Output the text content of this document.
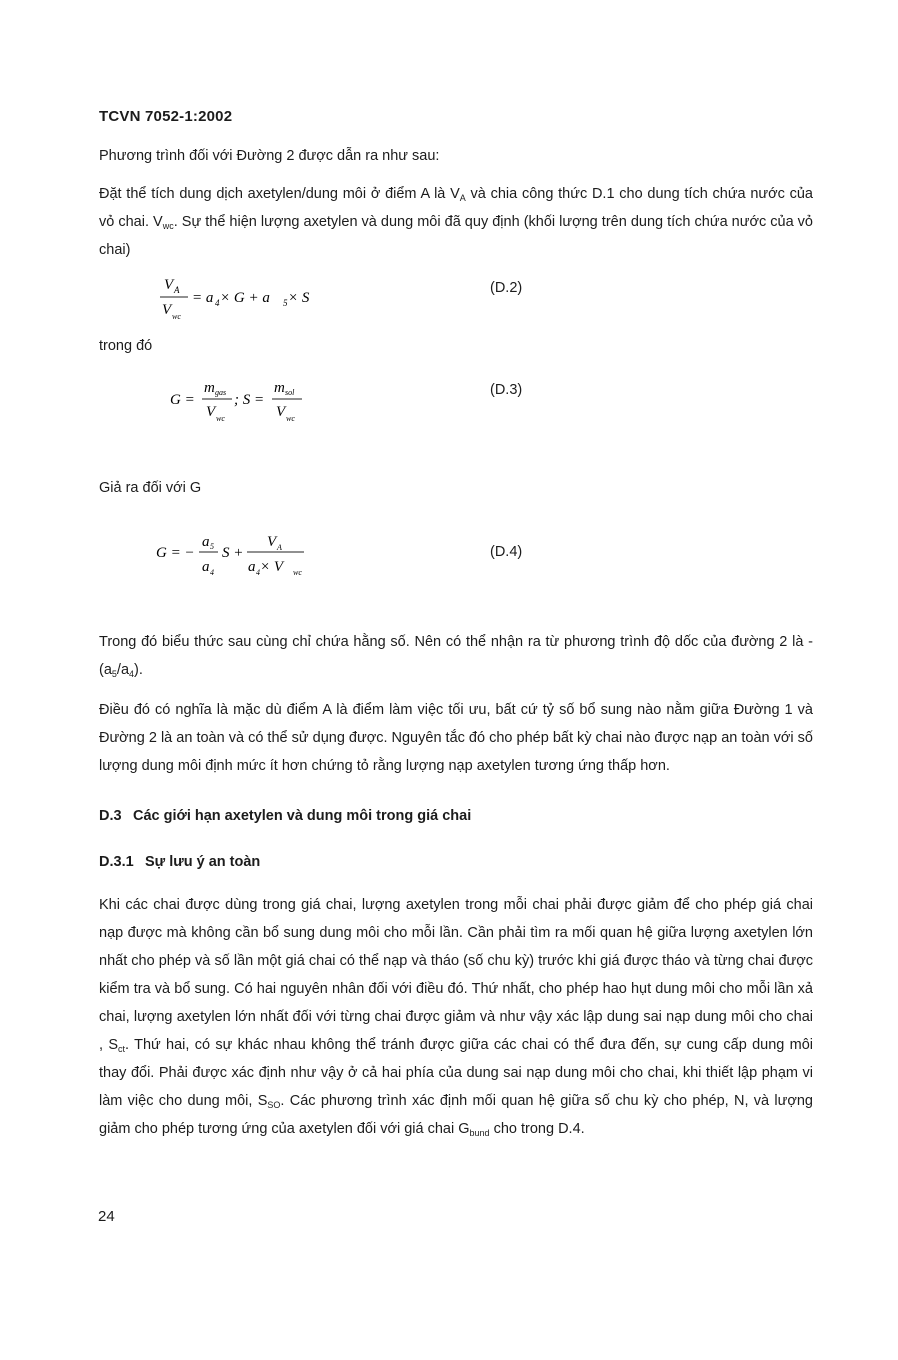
TCVN 7052-1:2002

Phương trình đối với Đường 2 được dẫn ra như sau:

Đặt thể tích dung dịch axetylen/dung môi ở điểm A là $V_A$ và chia công thức D.1 cho dung tích chứa nước của vỏ chai. $V_{wc}$. Sự thể hiện lượng axetylen và dung môi đã quy định (khối lượng trên dung tích chứa nước của vỏ chai)

V A
V wc
= a 4 × G + a 5 × S
(D.2)

trong đó

G =
m gas
V wc
; S =
m sol
V wc
(D.3)

Giả ra đối với G

G = −
a 5
a 4
S +
V A
a 4 × V wc
(D.4)

Trong đó biểu thức sau cùng chỉ chứa hằng số. Nên có thể nhận ra từ phương trình độ dốc của đường 2 là - $(a_5/a_4)$.

Điều đó có nghĩa là mặc dù điểm A là điểm làm việc tối ưu, bất cứ tỷ số bổ sung nào nằm giữa Đường 1 và Đường 2 là an toàn và có thể sử dụng được. Nguyên tắc đó cho phép bất kỳ chai nào được nạp an toàn với số lượng dung môi định mức ít hơn chứng tỏ rằng lượng nạp axetylen tương ứng thấp hơn.

D.3 Các giới hạn axetylen và dung môi trong giá chai
D.3.1 Sự lưu ý an toàn

Khi các chai được dùng trong giá chai, lượng axetylen trong mỗi chai phải được giảm để cho phép giá chai nạp được mà không cần bổ sung dung môi cho mỗi lần. Cần phải tìm ra mối quan hệ giữa lượng axetylen lớn nhất cho phép và số lần một giá chai có thể nạp và tháo (số chu kỳ) trước khi giá được tháo và từng chai được kiểm tra và bổ sung. Có hai nguyên nhân đối với điều đó. Thứ nhất, cho phép hao hụt dung môi cho mỗi lần xả chai, lượng axetylen lớn nhất đối với từng chai được giảm và như vậy xác lập dung sai nạp dung môi cho chai , $S_{ct}$. Thứ hai, có sự khác nhau không thể tránh được giữa các chai có thể đưa đến, sự cung cấp dung môi thay đổi. Phải được xác định như vậy ở cả hai phía của dung sai nạp dung môi cho chai, khi thiết lập phạm vi làm việc cho dung môi, $S_{SO}$. Các phương trình xác định mối quan hệ giữa số chu kỳ cho phép, N, và lượng giảm cho phép tương ứng của axetylen đối với giá chai $G_{bund}$ cho trong D.4.

24
